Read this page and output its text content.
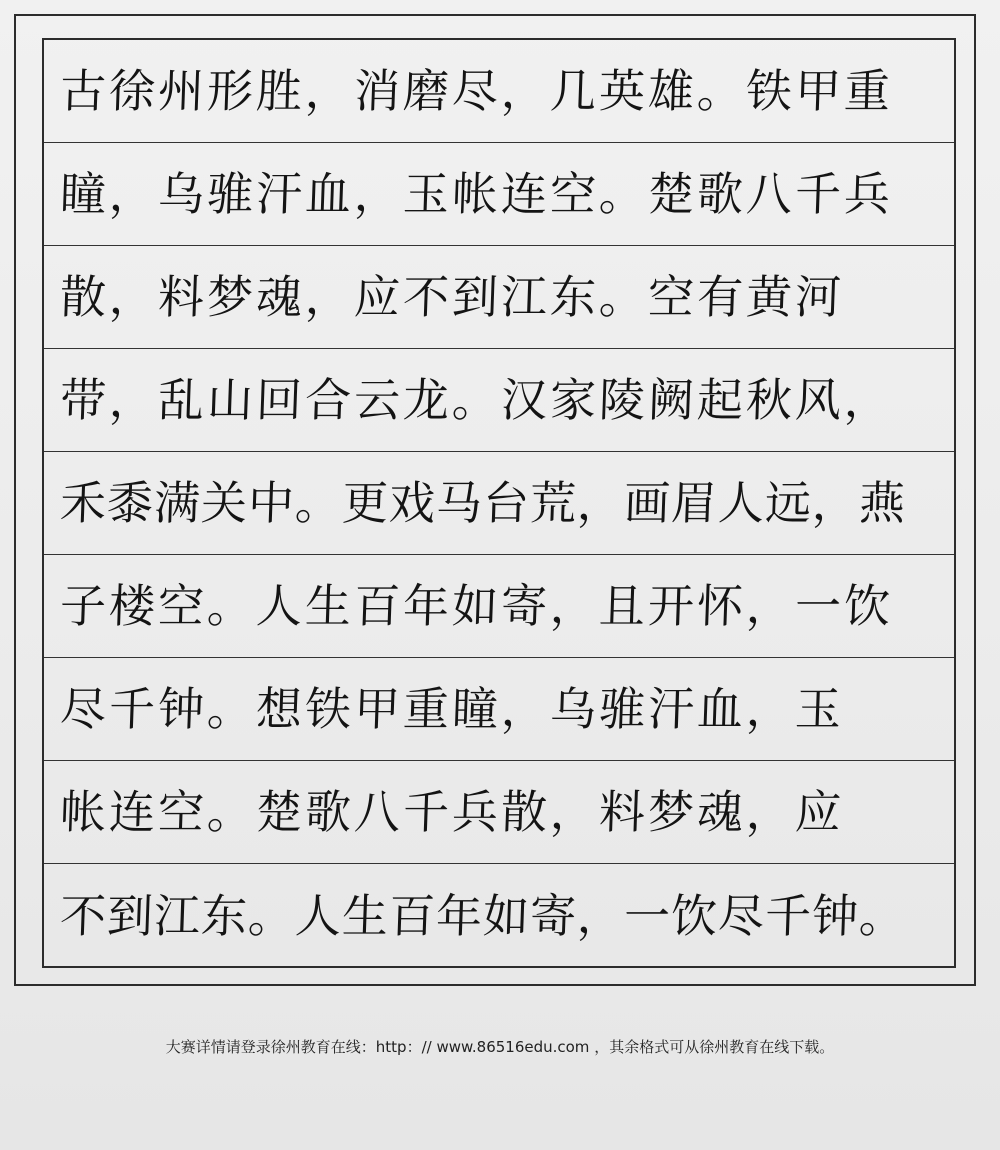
古徐州形胜，消磨尽，几英雄。铁甲重
瞳，乌骓汗血，玉帐连空。楚歌八千兵
散，料梦魂，应不到江东。空有黄河
带，乱山回合云龙。汉家陵阙起秋风，
禾黍满关中。更戏马台荒，画眉人远，燕
子楼空。人生百年如寄，且开怀，一饮
尽千钟。想铁甲重瞳，乌骓汗血，玉
帐连空。楚歌八千兵散，料梦魂，应
不到江东。人生百年如寄，一饮尽千钟。
大赛详情请登录徐州教育在线：http：// www.86516edu.com ，其余格式可从徐州教育在线下载。
